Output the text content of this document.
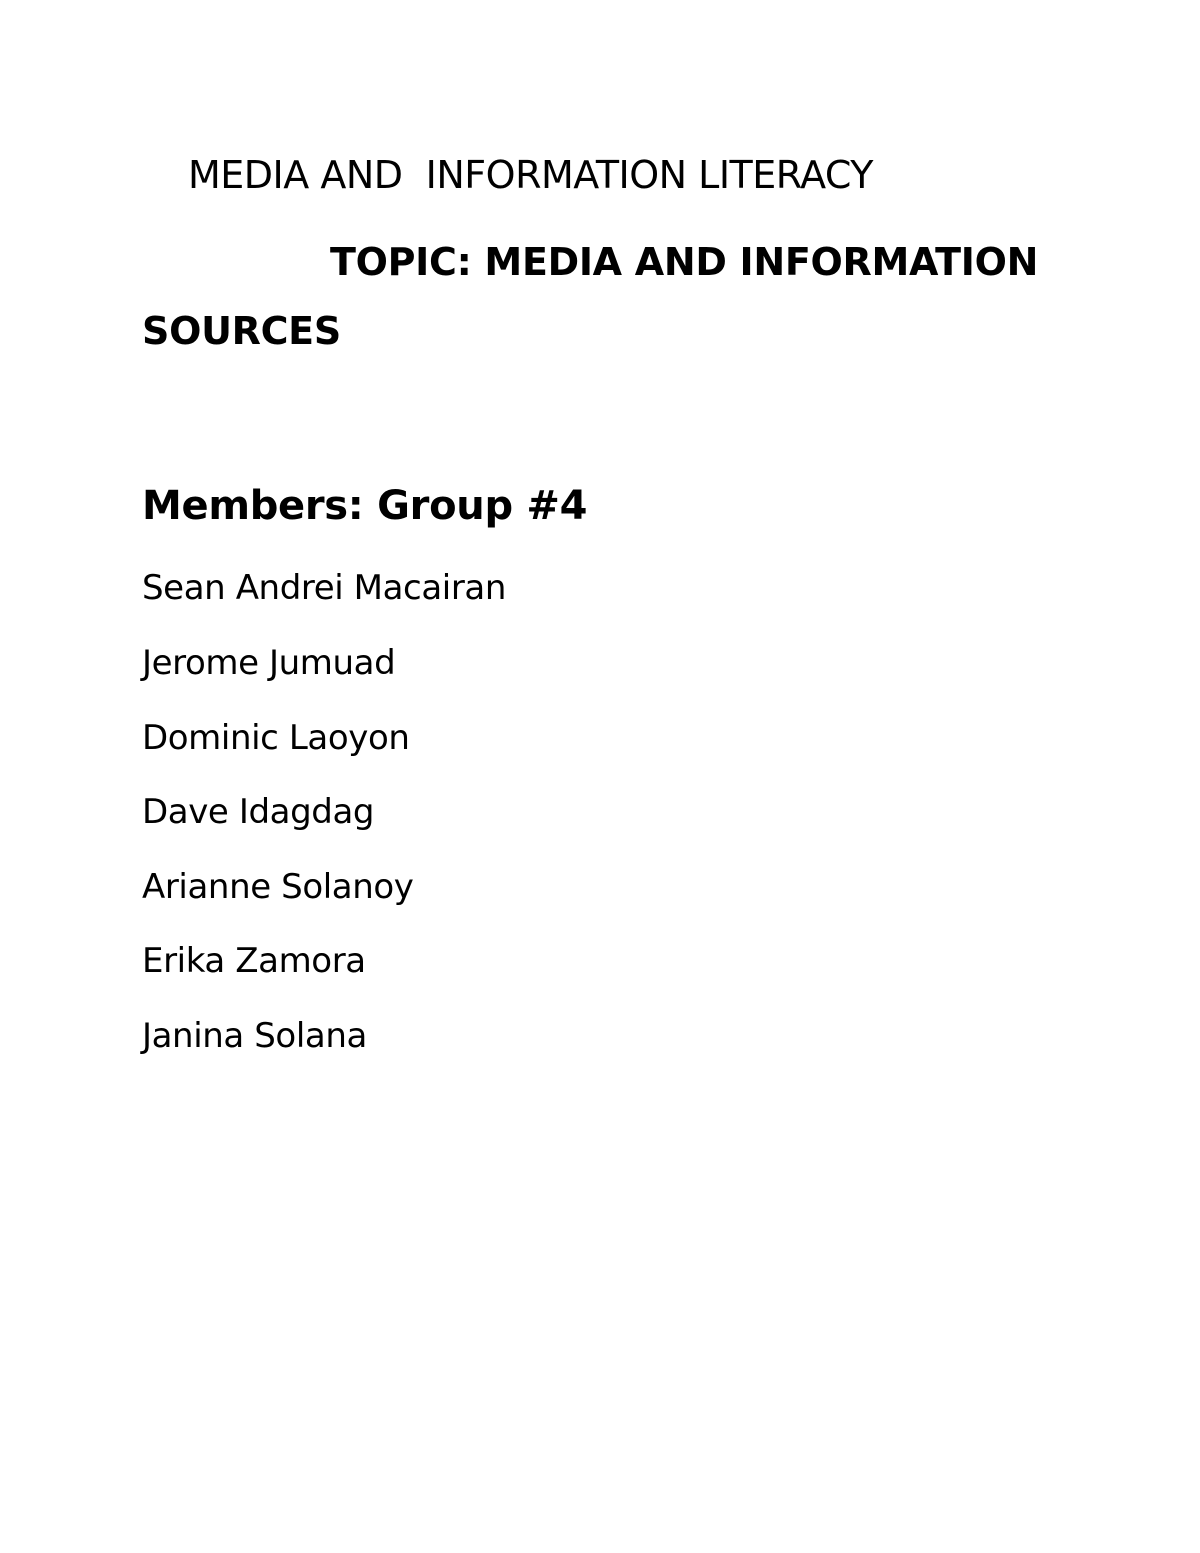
MEDIA AND  INFORMATION LITERACY

TOPIC: MEDIA AND INFORMATION

SOURCES

Members: Group #4

Sean Andrei Macairan

Jerome Jumuad

Dominic Laoyon

Dave Idagdag

Arianne Solanoy

Erika Zamora

Janina Solana
